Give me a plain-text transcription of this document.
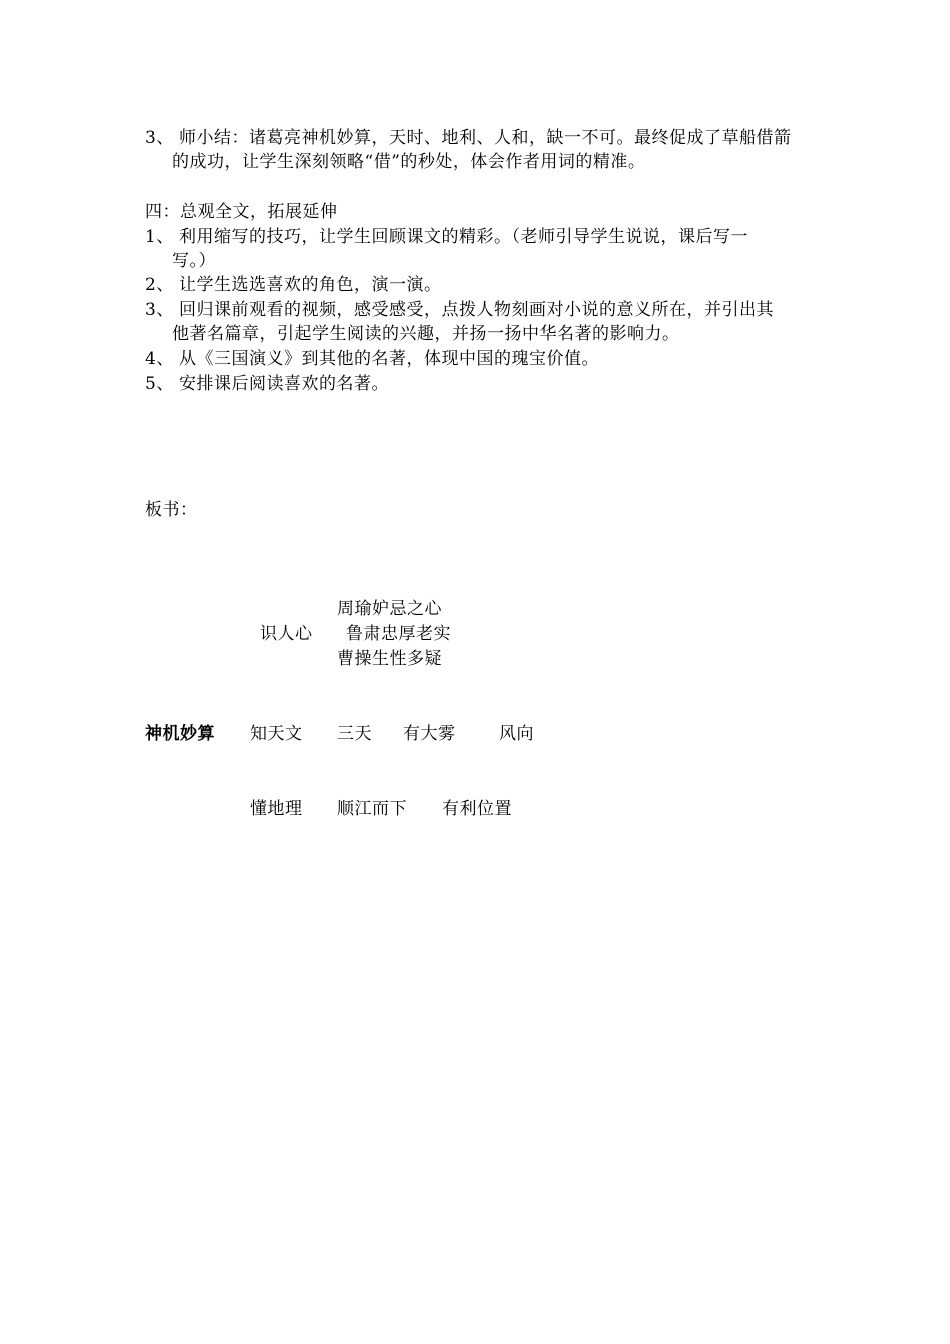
3、 师小结：诸葛亮神机妙算，天时、地利、人和，缺一不可。最终促成了草船借箭
的成功，让学生深刻领略“借”的秒处，体会作者用词的精准。
四：总观全文，拓展延伸
1、 利用缩写的技巧，让学生回顾课文的精彩。（老师引导学生说说，课后写一
写。）
2、 让学生选选喜欢的角色，演一演。
3、 回归课前观看的视频，感受感受，点拨人物刻画对小说的意义所在，并引出其
他著名篇章，引起学生阅读的兴趣，并扬一扬中华名著的影响力。
4、 从《三国演义》到其他的名著，体现中国的瑰宝价值。
5、 安排课后阅读喜欢的名著。
板书：
周瑜妒忌之心
识人心 鲁肃忠厚老实
曹操生性多疑
神机妙算 知天文 三天 有大雾	风向
懂地理 顺江而下 有利位置
